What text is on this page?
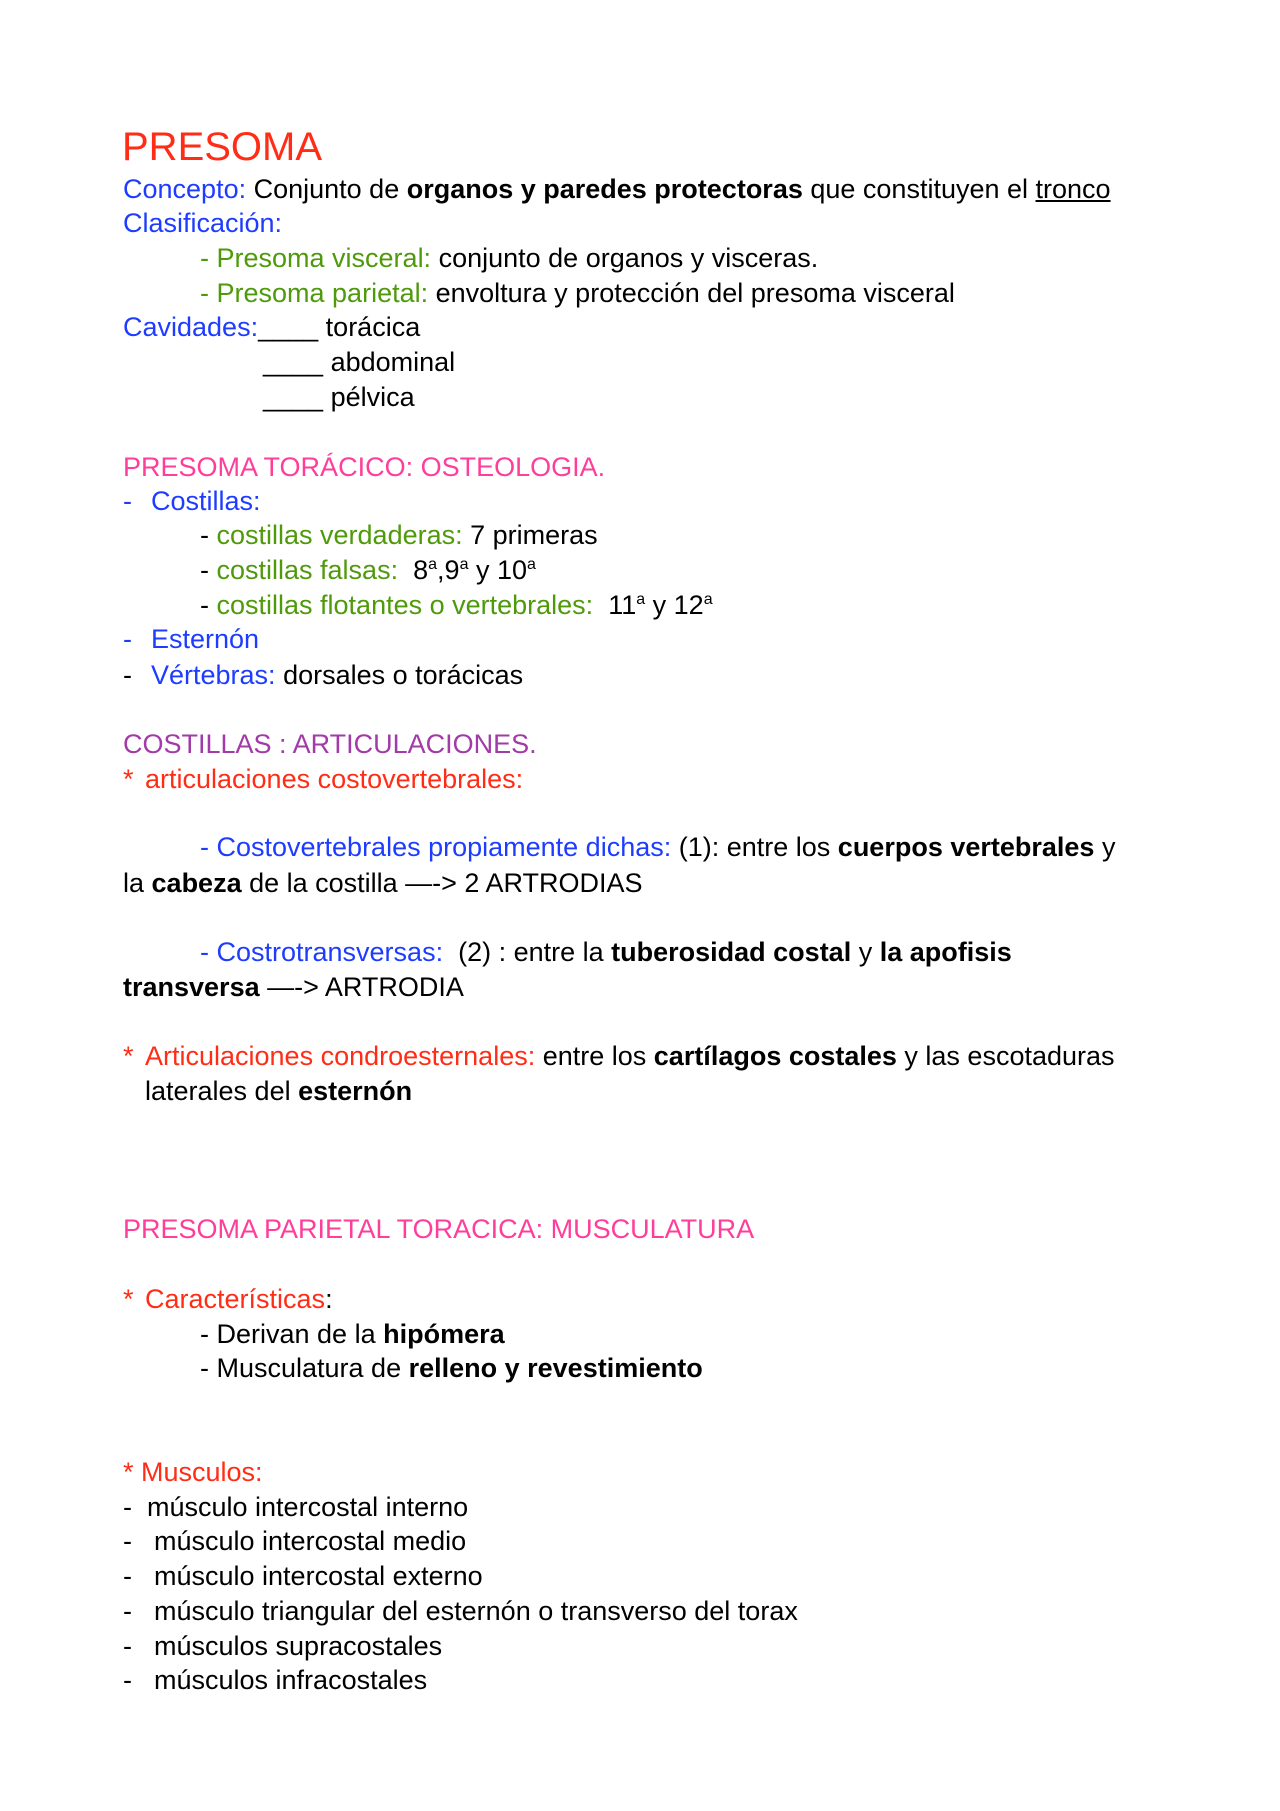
PRESOMA
Concepto: Conjunto de organos y paredes protectoras que constituyen el tronco
Clasificación:
- Presoma visceral: conjunto de organos y visceras.
- Presoma parietal: envoltura y protección del presoma visceral
Cavidades:____ torácica
____ abdominal
____ pélvica
PRESOMA TORÁCICO: OSTEOLOGIA.
- Costillas:
- costillas verdaderas: 7 primeras
- costillas falsas: 8$^a$,9$^a$ y 10$^a$
- costillas flotantes o vertebrales: 11$^a$ y 12$^a$
- Esternón
- Vértebras: dorsales o torácicas
COSTILLAS : ARTICULACIONES.
* articulaciones costovertebrales:
- Costovertebrales propiamente dichas: (1): entre los cuerpos vertebrales y
la cabeza de la costilla —-> 2 ARTRODIAS
- Costrotransversas:  (2) : entre la tuberosidad costal y la apofisis
transversa —-> ARTRODIA
* Articulaciones condroesternales: entre los cartílagos costales y las escotaduras
laterales del esternón
PRESOMA PARIETAL TORACICA: MUSCULATURA
* Características:
- Derivan de la hipómera
- Musculatura de relleno y revestimiento
* Musculos:
- músculo intercostal interno
- músculo intercostal medio
- músculo intercostal externo
- músculo triangular del esternón o transverso del torax
- músculos supracostales
- músculos infracostales
